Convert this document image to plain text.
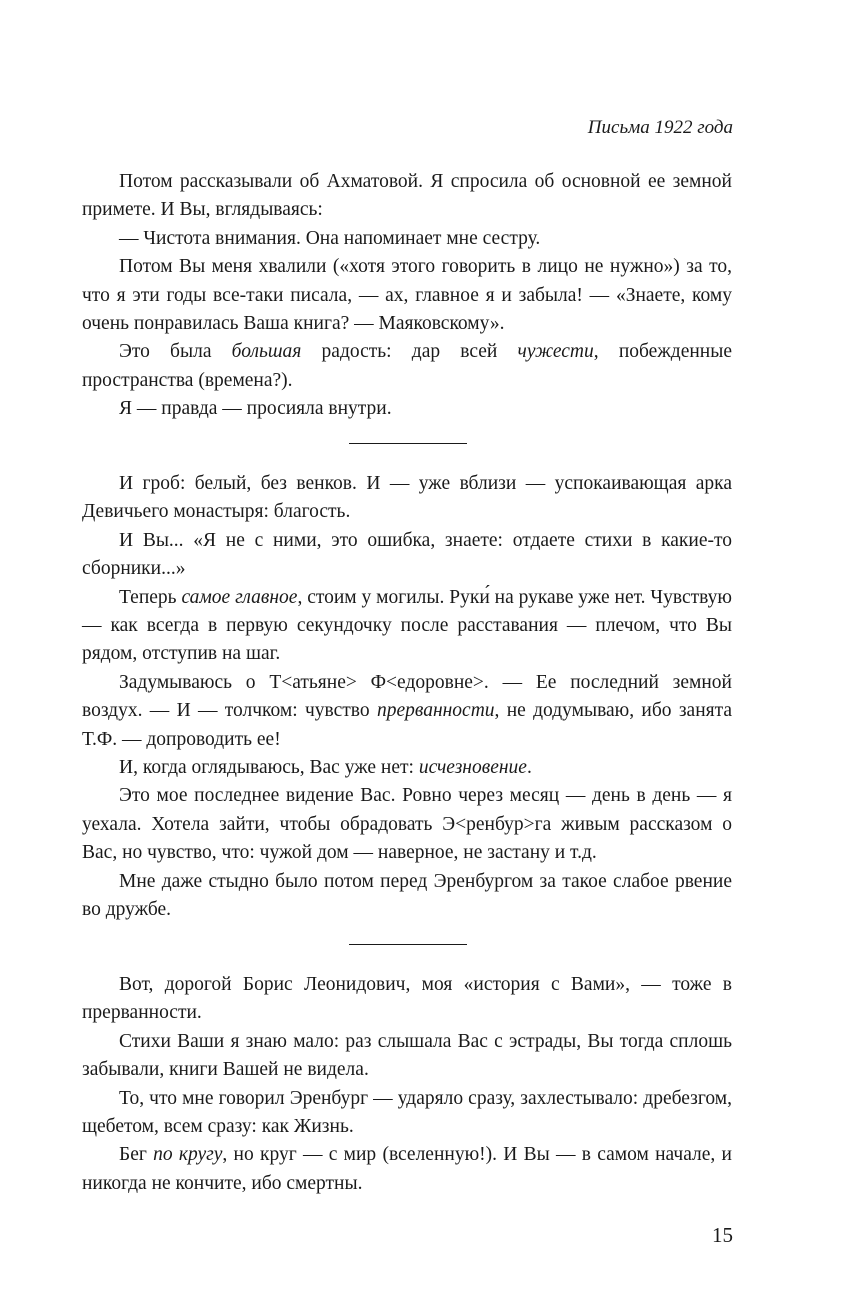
Письма 1922 года

Потом рассказывали об Ахматовой. Я спросила об основной ее земной примете. И Вы, вглядываясь:

— Чистота внимания. Она напоминает мне сестру.

Потом Вы меня хвалили («хотя этого говорить в лицо не нужно») за то, что я эти годы все-таки писала, — ах, главное я и забыла! — «Знаете, кому очень понравилась Ваша книга? — Маяковскому».

Это была большая радость: дар всей чужести, побежденные пространства (времена?).

Я — правда — просияла внутри.

И гроб: белый, без венков. И — уже вблизи — успокаивающая арка Девичьего монастыря: благость.

И Вы... «Я не с ними, это ошибка, знаете: отдаете стихи в какие-то сборники...»

Теперь самое главное, стоим у могилы. Руки́ на рукаве уже нет. Чувствую — как всегда в первую секундочку после расставания — плечом, что Вы рядом, отступив на шаг.

Задумываюсь о Т<атьяне> Ф<едоровне>. — Ее последний земной воздух. — И — толчком: чувство прерванности, не додумываю, ибо занята Т.Ф. — допроводить ее!

И, когда оглядываюсь, Вас уже нет: исчезновение.

Это мое последнее видение Вас. Ровно через месяц — день в день — я уехала. Хотела зайти, чтобы обрадовать Э<ренбур>га живым рассказом о Вас, но чувство, что: чужой дом — наверное, не застану и т.д.

Мне даже стыдно было потом перед Эренбургом за такое слабое рвение во дружбе.

Вот, дорогой Борис Леонидович, моя «история с Вами», — тоже в прерванности.

Стихи Ваши я знаю мало: раз слышала Вас с эстрады, Вы тогда сплошь забывали, книги Вашей не видела.

То, что мне говорил Эренбург — ударяло сразу, захлестывало: дребезгом, щебетом, всем сразу: как Жизнь.

Бег по кругу, но круг — с мир (вселенную!). И Вы — в самом начале, и никогда не кончите, ибо смертны.

15
